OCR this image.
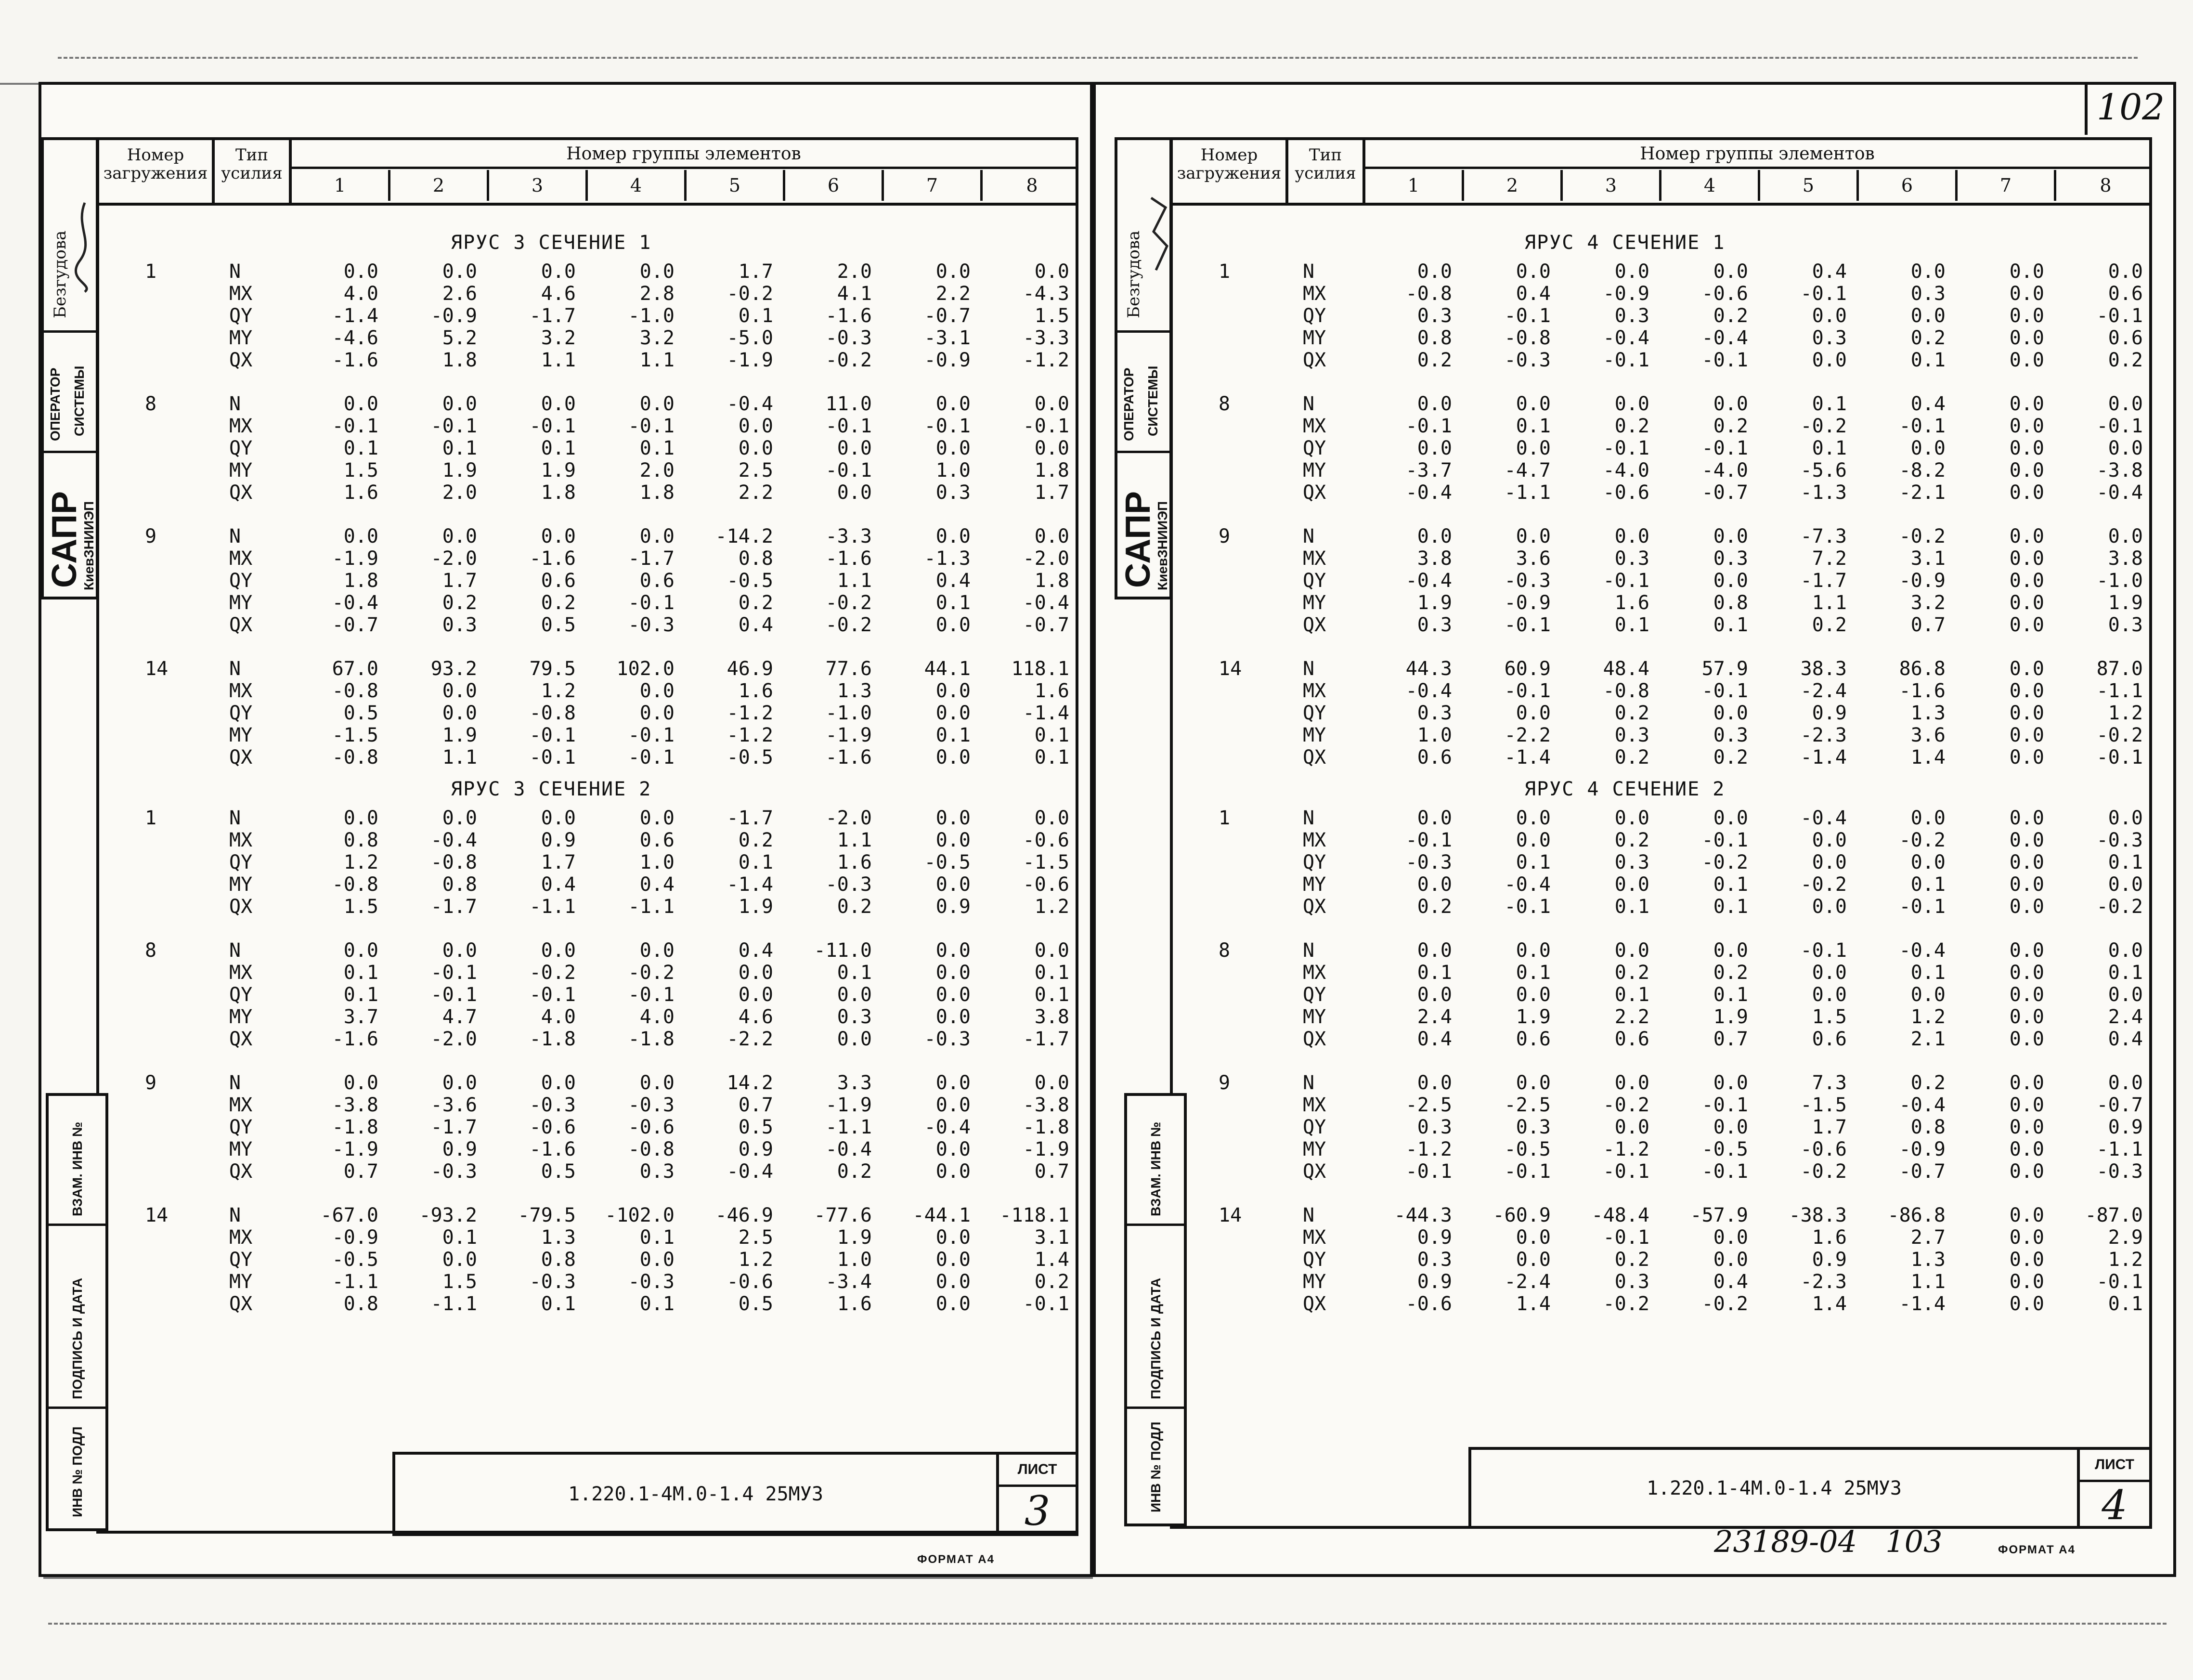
Номер загружения
Тип усилия
Номер группы элементов
1	2	3	4	5	6	7	8
ЯРУС 3 СЕЧЕНИЕ 1
1	N	0.0	0.0	0.0	0.0	1.7	2.0	0.0	0.0
MX	4.0	2.6	4.6	2.8	-0.2	4.1	2.2	-4.3
QY	-1.4	-0.9	-1.7	-1.0	0.1	-1.6	-0.7	1.5
MY	-4.6	5.2	3.2	3.2	-5.0	-0.3	-3.1	-3.3
QX	-1.6	1.8	1.1	1.1	-1.9	-0.2	-0.9	-1.2
8	N	0.0	0.0	0.0	0.0	-0.4	11.0	0.0	0.0
MX	-0.1	-0.1	-0.1	-0.1	0.0	-0.1	-0.1	-0.1
QY	0.1	0.1	0.1	0.1	0.0	0.0	0.0	0.0
MY	1.5	1.9	1.9	2.0	2.5	-0.1	1.0	1.8
QX	1.6	2.0	1.8	1.8	2.2	0.0	0.3	1.7
9	N	0.0	0.0	0.0	0.0	-14.2	-3.3	0.0	0.0
MX	-1.9	-2.0	-1.6	-1.7	0.8	-1.6	-1.3	-2.0
QY	1.8	1.7	0.6	0.6	-0.5	1.1	0.4	1.8
MY	-0.4	0.2	0.2	-0.1	0.2	-0.2	0.1	-0.4
QX	-0.7	0.3	0.5	-0.3	0.4	-0.2	0.0	-0.7
14	N	67.0	93.2	79.5	102.0	46.9	77.6	44.1	118.1
MX	-0.8	0.0	1.2	0.0	1.6	1.3	0.0	1.6
QY	0.5	0.0	-0.8	0.0	-1.2	-1.0	0.0	-1.4
MY	-1.5	1.9	-0.1	-0.1	-1.2	-1.9	0.1	0.1
QX	-0.8	1.1	-0.1	-0.1	-0.5	-1.6	0.0	0.1
ЯРУС 3 СЕЧЕНИЕ 2
1	N	0.0	0.0	0.0	0.0	-1.7	-2.0	0.0	0.0
MX	0.8	-0.4	0.9	0.6	0.2	1.1	0.0	-0.6
QY	1.2	-0.8	1.7	1.0	0.1	1.6	-0.5	-1.5
MY	-0.8	0.8	0.4	0.4	-1.4	-0.3	0.0	-0.6
QX	1.5	-1.7	-1.1	-1.1	1.9	0.2	0.9	1.2
8	N	0.0	0.0	0.0	0.0	0.4	-11.0	0.0	0.0
MX	0.1	-0.1	-0.2	-0.2	0.0	0.1	0.0	0.1
QY	0.1	-0.1	-0.1	-0.1	0.0	0.0	0.0	0.1
MY	3.7	4.7	4.0	4.0	4.6	0.3	0.0	3.8
QX	-1.6	-2.0	-1.8	-1.8	-2.2	0.0	-0.3	-1.7
9	N	0.0	0.0	0.0	0.0	14.2	3.3	0.0	0.0
MX	-3.8	-3.6	-0.3	-0.3	0.7	-1.9	0.0	-3.8
QY	-1.8	-1.7	-0.6	-0.6	0.5	-1.1	-0.4	-1.8
MY	-1.9	0.9	-1.6	-0.8	0.9	-0.4	0.0	-1.9
QX	0.7	-0.3	0.5	0.3	-0.4	0.2	0.0	0.7
14	N	-67.0	-93.2	-79.5	-102.0	-46.9	-77.6	-44.1	-118.1
MX	-0.9	0.1	1.3	0.1	2.5	1.9	0.0	3.1
QY	-0.5	0.0	0.8	0.0	1.2	1.0	0.0	1.4
MY	-1.1	1.5	-0.3	-0.3	-0.6	-3.4	0.0	0.2
QX	0.8	-1.1	0.1	0.1	0.5	1.6	0.0	-0.1
1.220.1-4М.0-1.4 25МУЗ
ЛИСТ
3
ФОРМАТ А4
Безгудова
ОПЕРАТОР СИСТЕМЫ
САПР
КиевЗНИИЭП
ВЗАМ. ИНВ №
ПОДПИСЬ И ДАТА
ИНВ № ПОДЛ
102
Номер загружения
Тип усилия
Номер группы элементов
1	2	3	4	5	6	7	8
ЯРУС 4 СЕЧЕНИЕ 1
1	N	0.0	0.0	0.0	0.0	0.4	0.0	0.0	0.0
MX	-0.8	0.4	-0.9	-0.6	-0.1	0.3	0.0	0.6
QY	0.3	-0.1	0.3	0.2	0.0	0.0	0.0	-0.1
MY	0.8	-0.8	-0.4	-0.4	0.3	0.2	0.0	0.6
QX	0.2	-0.3	-0.1	-0.1	0.0	0.1	0.0	0.2
8	N	0.0	0.0	0.0	0.0	0.1	0.4	0.0	0.0
MX	-0.1	0.1	0.2	0.2	-0.2	-0.1	0.0	-0.1
QY	0.0	0.0	-0.1	-0.1	0.1	0.0	0.0	0.0
MY	-3.7	-4.7	-4.0	-4.0	-5.6	-8.2	0.0	-3.8
QX	-0.4	-1.1	-0.6	-0.7	-1.3	-2.1	0.0	-0.4
9	N	0.0	0.0	0.0	0.0	-7.3	-0.2	0.0	0.0
MX	3.8	3.6	0.3	0.3	7.2	3.1	0.0	3.8
QY	-0.4	-0.3	-0.1	0.0	-1.7	-0.9	0.0	-1.0
MY	1.9	-0.9	1.6	0.8	1.1	3.2	0.0	1.9
QX	0.3	-0.1	0.1	0.1	0.2	0.7	0.0	0.3
14	N	44.3	60.9	48.4	57.9	38.3	86.8	0.0	87.0
MX	-0.4	-0.1	-0.8	-0.1	-2.4	-1.6	0.0	-1.1
QY	0.3	0.0	0.2	0.0	0.9	1.3	0.0	1.2
MY	1.0	-2.2	0.3	0.3	-2.3	3.6	0.0	-0.2
QX	0.6	-1.4	0.2	0.2	-1.4	1.4	0.0	-0.1
ЯРУС 4 СЕЧЕНИЕ 2
1	N	0.0	0.0	0.0	0.0	-0.4	0.0	0.0	0.0
MX	-0.1	0.0	0.2	-0.1	0.0	-0.2	0.0	-0.3
QY	-0.3	0.1	0.3	-0.2	0.0	0.0	0.0	0.1
MY	0.0	-0.4	0.0	0.1	-0.2	0.1	0.0	0.0
QX	0.2	-0.1	0.1	0.1	0.0	-0.1	0.0	-0.2
8	N	0.0	0.0	0.0	0.0	-0.1	-0.4	0.0	0.0
MX	0.1	0.1	0.2	0.2	0.0	0.1	0.0	0.1
QY	0.0	0.0	0.1	0.1	0.0	0.0	0.0	0.0
MY	2.4	1.9	2.2	1.9	1.5	1.2	0.0	2.4
QX	0.4	0.6	0.6	0.7	0.6	2.1	0.0	0.4
9	N	0.0	0.0	0.0	0.0	7.3	0.2	0.0	0.0
MX	-2.5	-2.5	-0.2	-0.1	-1.5	-0.4	0.0	-0.7
QY	0.3	0.3	0.0	0.0	1.7	0.8	0.0	0.9
MY	-1.2	-0.5	-1.2	-0.5	-0.6	-0.9	0.0	-1.1
QX	-0.1	-0.1	-0.1	-0.1	-0.2	-0.7	0.0	-0.3
14	N	-44.3	-60.9	-48.4	-57.9	-38.3	-86.8	0.0	-87.0
MX	0.9	0.0	-0.1	0.0	1.6	2.7	0.0	2.9
QY	0.3	0.0	0.2	0.0	0.9	1.3	0.0	1.2
MY	0.9	-2.4	0.3	0.4	-2.3	1.1	0.0	-0.1
QX	-0.6	1.4	-0.2	-0.2	1.4	-1.4	0.0	0.1
1.220.1-4М.0-1.4 25МУЗ
ЛИСТ
4
23189-04   103	ФОРМАТ А4
Безгудова
ОПЕРАТОР СИСТЕМЫ
САПР
КиевЗНИИЭП
ВЗАМ. ИНВ №
ПОДПИСЬ И ДАТА
ИНВ № ПОДЛ
